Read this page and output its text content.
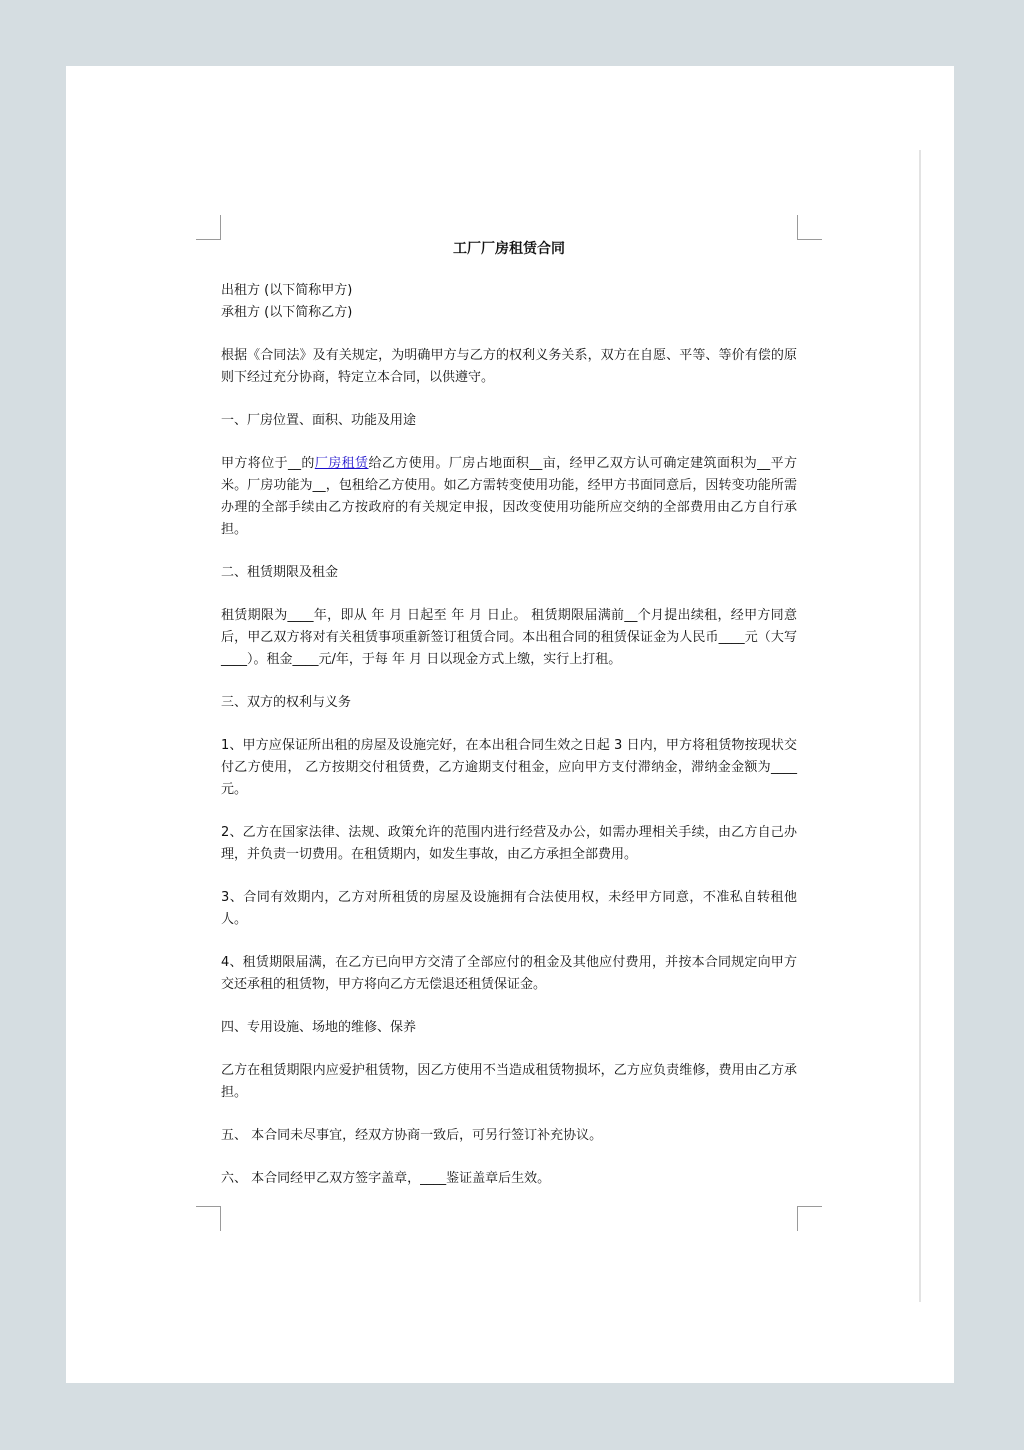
工厂厂房租赁合同

出租方 (以下简称甲方)

承租方 (以下简称乙方)

根据《合同法》及有关规定，为明确甲方与乙方的权利义务关系，双方在自愿、平等、等价有偿的原则下经过充分协商，特定立本合同，以供遵守。

一、厂房位置、面积、功能及用途

甲方将位于__的厂房租赁给乙方使用。厂房占地面积__亩，经甲乙双方认可确定建筑面积为__平方米。厂房功能为__，包租给乙方使用。如乙方需转变使用功能，经甲方书面同意后，因转变功能所需办理的全部手续由乙方按政府的有关规定申报，因改变使用功能所应交纳的全部费用由乙方自行承担。

二、租赁期限及租金

租赁期限为____年，即从 年 月 日起至 年 月 日止。 租赁期限届满前__个月提出续租，经甲方同意后，甲乙双方将对有关租赁事项重新签订租赁合同。本出租合同的租赁保证金为人民币____元（大写____）。租金____元/年，于每 年 月 日以现金方式上缴，实行上打租。

三、双方的权利与义务

1、甲方应保证所出租的房屋及设施完好，在本出租合同生效之日起 3 日内，甲方将租赁物按现状交付乙方使用， 乙方按期交付租赁费，乙方逾期支付租金，应向甲方支付滞纳金，滞纳金金额为____元。

2、乙方在国家法律、法规、政策允许的范围内进行经营及办公，如需办理相关手续，由乙方自己办理，并负责一切费用。在租赁期内，如发生事故，由乙方承担全部费用。

3、合同有效期内，乙方对所租赁的房屋及设施拥有合法使用权，未经甲方同意，不准私自转租他人。

4、租赁期限届满，在乙方已向甲方交清了全部应付的租金及其他应付费用，并按本合同规定向甲方交还承租的租赁物，甲方将向乙方无偿退还租赁保证金。

四、专用设施、场地的维修、保养

乙方在租赁期限内应爱护租赁物，因乙方使用不当造成租赁物损坏，乙方应负责维修，费用由乙方承担。

五、 本合同未尽事宜，经双方协商一致后，可另行签订补充协议。

六、 本合同经甲乙双方签字盖章，____鉴证盖章后生效。
